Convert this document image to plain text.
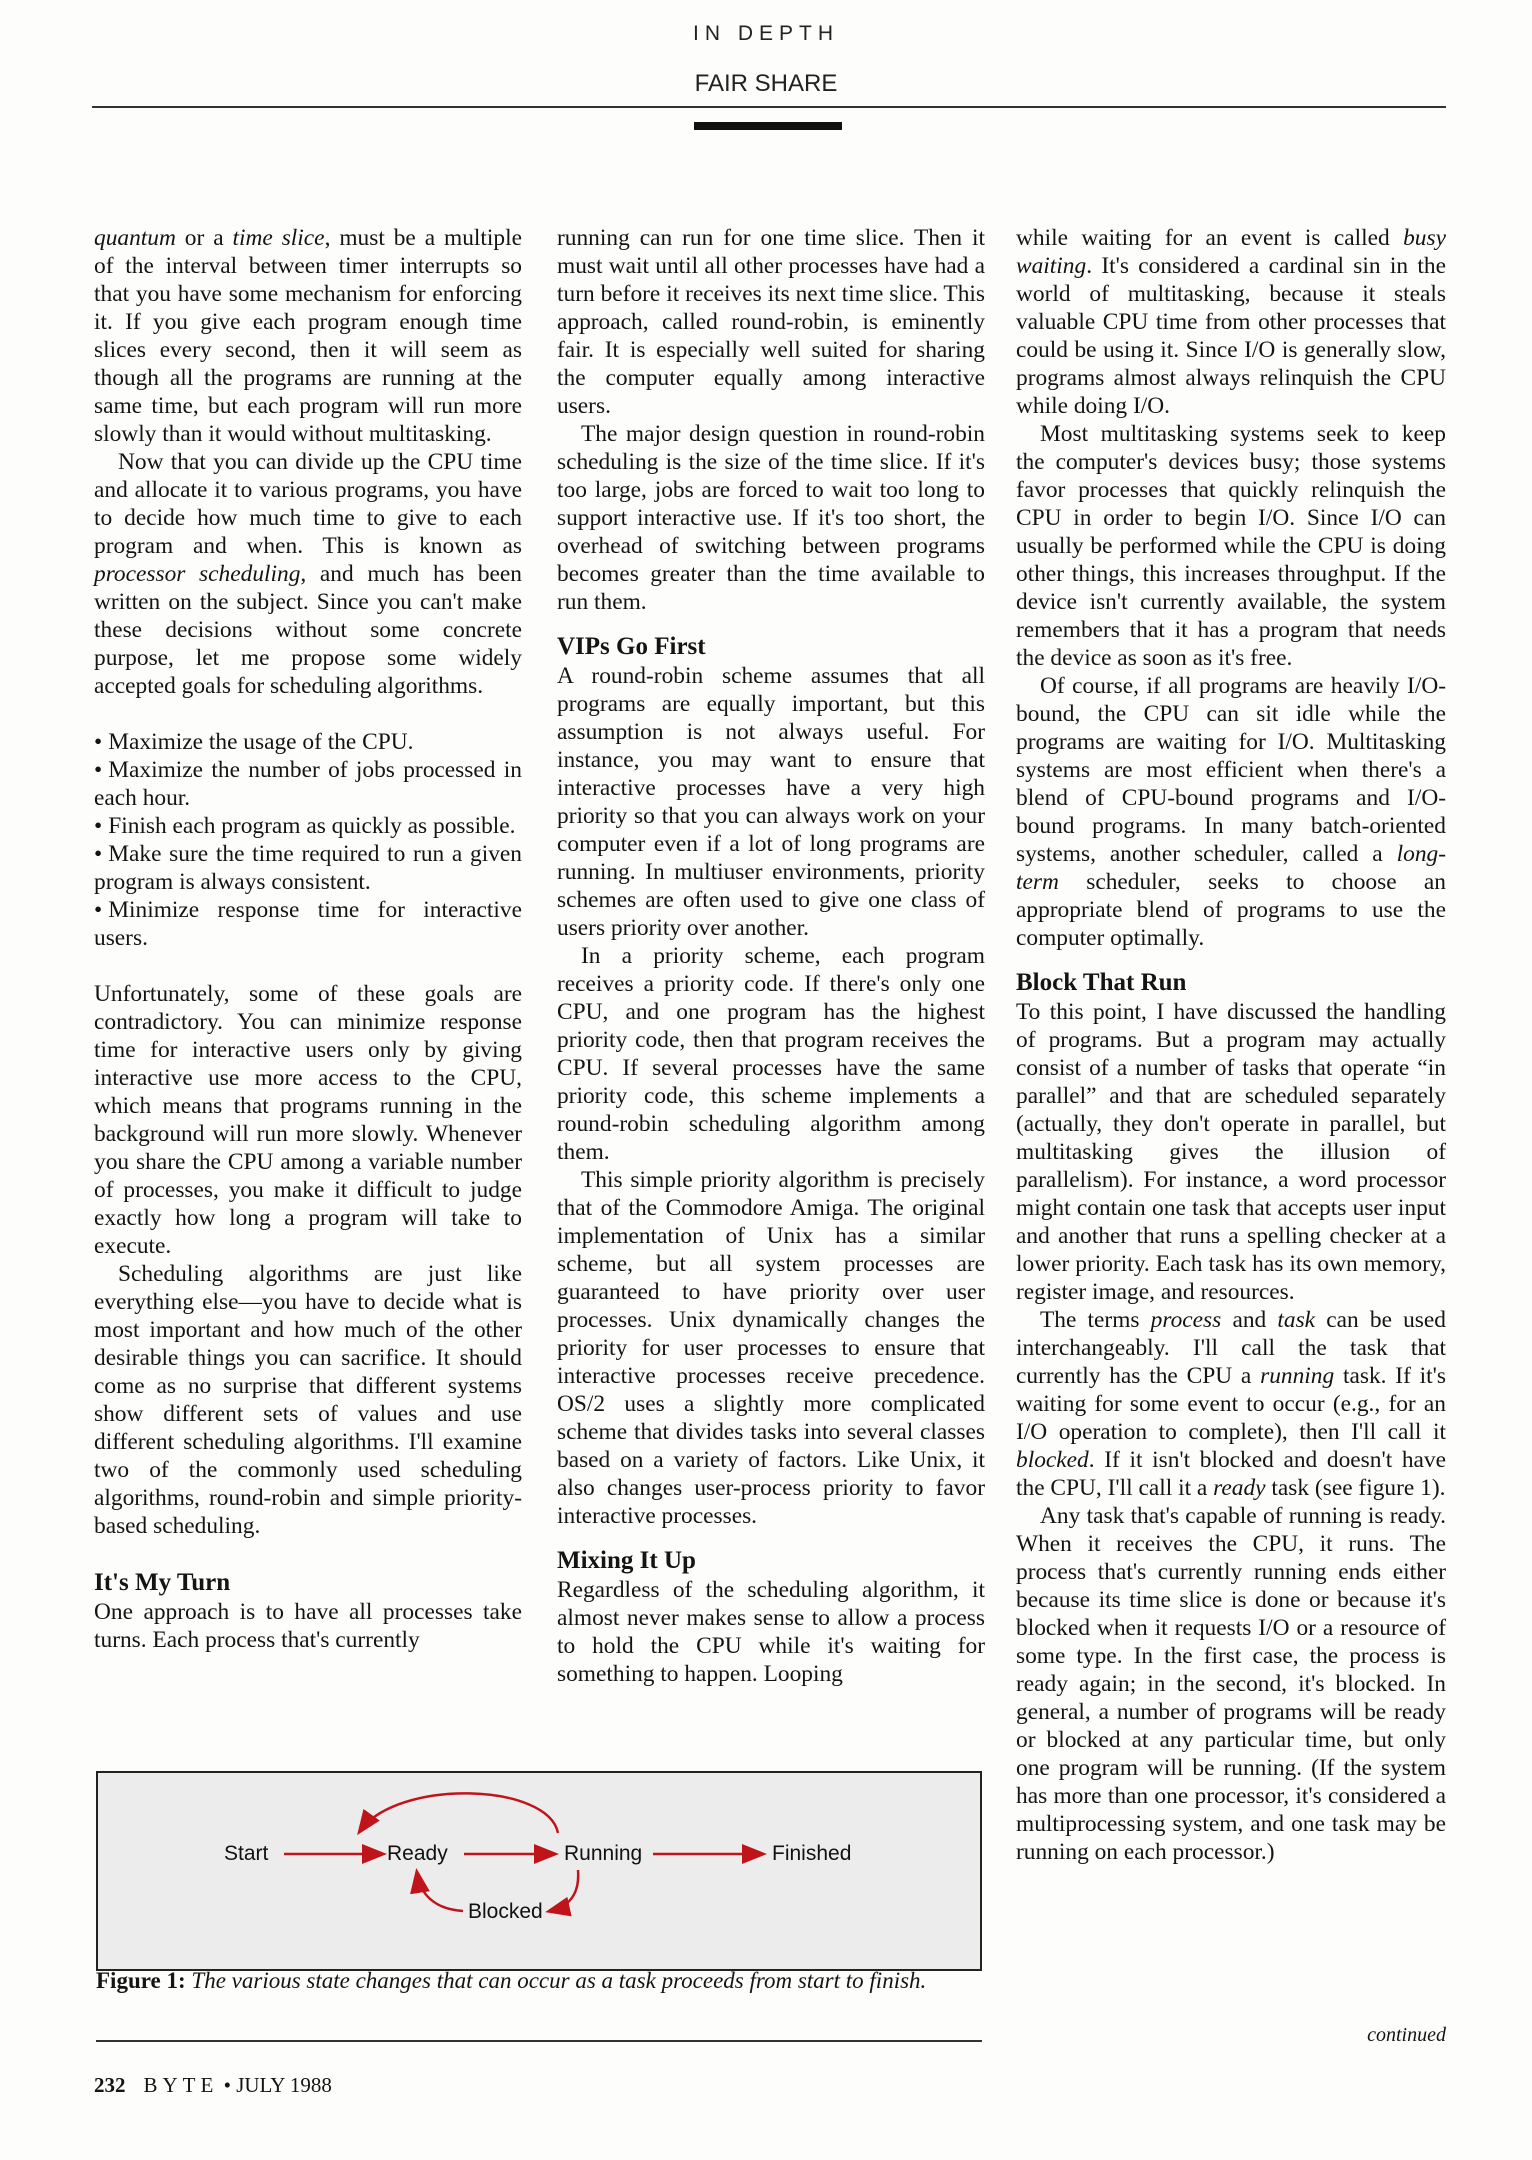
IN DEPTH
FAIR SHARE

quantum or a time slice, must be a multiple of the interval between timer interrupts so that you have some mechanism for enforcing it. If you give each program enough time slices every second, then it will seem as though all the programs are running at the same time, but each program will run more slowly than it would without multitasking.

Now that you can divide up the CPU time and allocate it to various programs, you have to decide how much time to give to each program and when. This is known as processor scheduling, and much has been written on the subject. Since you can't make these decisions without some concrete purpose, let me propose some widely accepted goals for scheduling algorithms.

• Maximize the usage of the CPU.
• Maximize the number of jobs processed in each hour.
• Finish each program as quickly as possible.
• Make sure the time required to run a given program is always consistent.
• Minimize response time for interactive users.

Unfortunately, some of these goals are contradictory. You can minimize response time for interactive users only by giving interactive use more access to the CPU, which means that programs running in the background will run more slowly. Whenever you share the CPU among a variable number of processes, you make it difficult to judge exactly how long a program will take to execute.

Scheduling algorithms are just like everything else—you have to decide what is most important and how much of the other desirable things you can sacrifice. It should come as no surprise that different systems show different sets of values and use different scheduling algorithms. I'll examine two of the commonly used scheduling algorithms, round-robin and simple priority-based scheduling.

It's My Turn

One approach is to have all processes take turns. Each process that's currently

running can run for one time slice. Then it must wait until all other processes have had a turn before it receives its next time slice. This approach, called round-robin, is eminently fair. It is especially well suited for sharing the computer equally among interactive users.

The major design question in round-robin scheduling is the size of the time slice. If it's too large, jobs are forced to wait too long to support interactive use. If it's too short, the overhead of switching between programs becomes greater than the time available to run them.

VIPs Go First

A round-robin scheme assumes that all programs are equally important, but this assumption is not always useful. For instance, you may want to ensure that interactive processes have a very high priority so that you can always work on your computer even if a lot of long programs are running. In multiuser environments, priority schemes are often used to give one class of users priority over another.

In a priority scheme, each program receives a priority code. If there's only one CPU, and one program has the highest priority code, then that program receives the CPU. If several processes have the same priority code, this scheme implements a round-robin scheduling algorithm among them.

This simple priority algorithm is precisely that of the Commodore Amiga. The original implementation of Unix has a similar scheme, but all system processes are guaranteed to have priority over user processes. Unix dynamically changes the priority for user processes to ensure that interactive processes receive precedence. OS/2 uses a slightly more complicated scheme that divides tasks into several classes based on a variety of factors. Like Unix, it also changes user-process priority to favor interactive processes.

Mixing It Up

Regardless of the scheduling algorithm, it almost never makes sense to allow a process to hold the CPU while it's waiting for something to happen. Looping

while waiting for an event is called busy waiting. It's considered a cardinal sin in the world of multitasking, because it steals valuable CPU time from other processes that could be using it. Since I/O is generally slow, programs almost always relinquish the CPU while doing I/O.

Most multitasking systems seek to keep the computer's devices busy; those systems favor processes that quickly relinquish the CPU in order to begin I/O. Since I/O can usually be performed while the CPU is doing other things, this increases throughput. If the device isn't currently available, the system remembers that it has a program that needs the device as soon as it's free.

Of course, if all programs are heavily I/O-bound, the CPU can sit idle while the programs are waiting for I/O. Multitasking systems are most efficient when there's a blend of CPU-bound programs and I/O-bound programs. In many batch-oriented systems, another scheduler, called a long-term scheduler, seeks to choose an appropriate blend of programs to use the computer optimally.

Block That Run

To this point, I have discussed the handling of programs. But a program may actually consist of a number of tasks that operate “in parallel” and that are scheduled separately (actually, they don't operate in parallel, but multitasking gives the illusion of parallelism). For instance, a word processor might contain one task that accepts user input and another that runs a spelling checker at a lower priority. Each task has its own memory, register image, and resources.

The terms process and task can be used interchangeably. I'll call the task that currently has the CPU a running task. If it's waiting for some event to occur (e.g., for an I/O operation to complete), then I'll call it blocked. If it isn't blocked and doesn't have the CPU, I'll call it a ready task (see figure 1).

Any task that's capable of running is ready. When it receives the CPU, it runs. The process that's currently running ends either because its time slice is done or because it's blocked when it requests I/O or a resource of some type. In the first case, the process is ready again; in the second, it's blocked. In general, a number of programs will be ready or blocked at any particular time, but only one program will be running. (If the system has more than one processor, it's considered a multiprocessing system, and one task may be running on each processor.)

Start	Ready	Running	Finished
Blocked
Figure 1: The various state changes that can occur as a task proceeds from start to finish.
continued
232 BYTE • JULY 1988
